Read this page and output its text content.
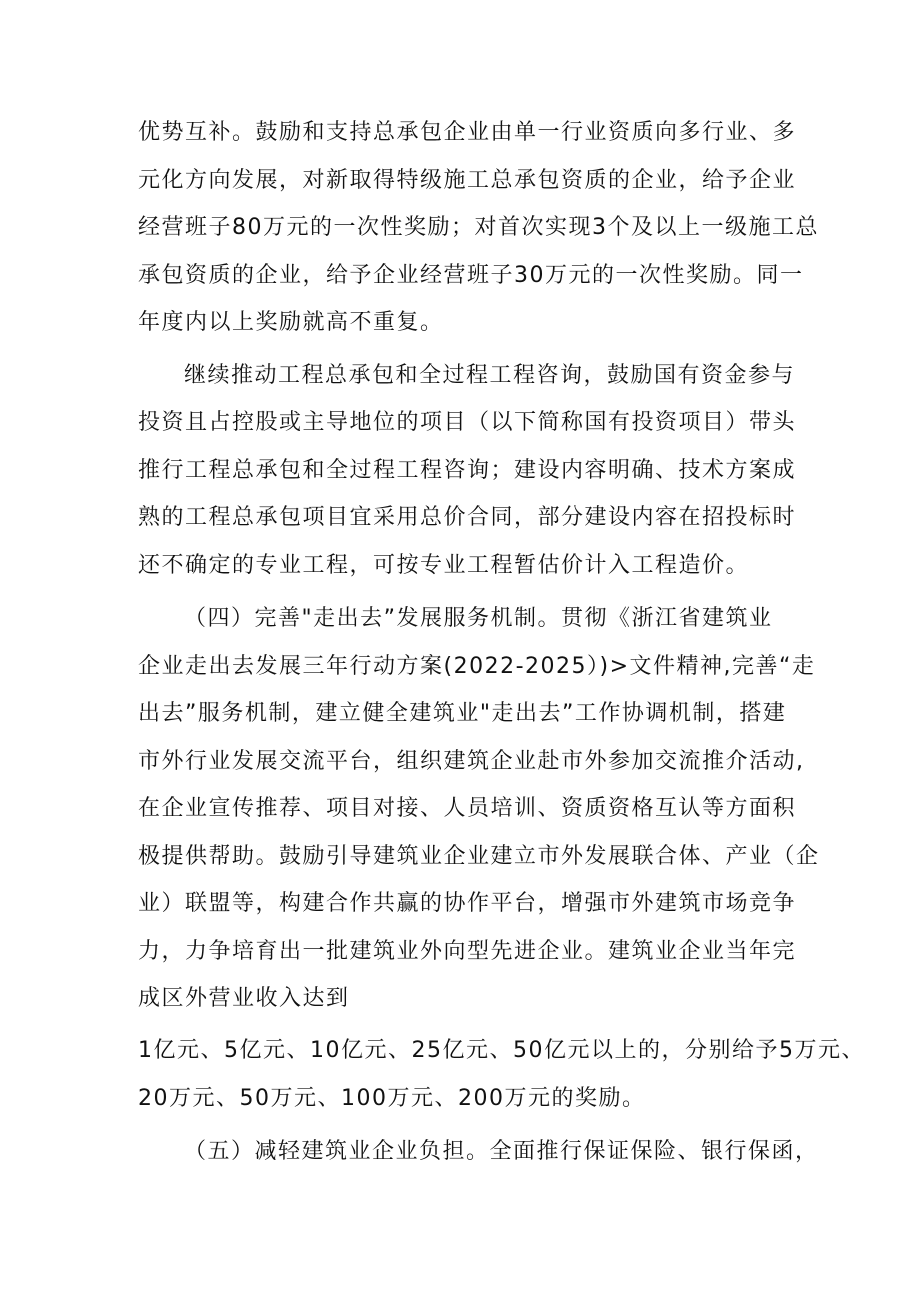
优势互补。鼓励和支持总承包企业由单一行业资质向多行业、多
元化方向发展，对新取得特级施工总承包资质的企业，给予企业
经营班子80万元的一次性奖励；对首次实现3个及以上一级施工总
承包资质的企业，给予企业经营班子30万元的一次性奖励。同一
年度内以上奖励就高不重复。
继续推动工程总承包和全过程工程咨询，鼓励国有资金参与
投资且占控股或主导地位的项目（以下简称国有投资项目）带头
推行工程总承包和全过程工程咨询；建设内容明确、技术方案成
熟的工程总承包项目宜采用总价合同，部分建设内容在招投标时
还不确定的专业工程，可按专业工程暂估价计入工程造价。
（四）完善"走出去”发展服务机制。贯彻《浙江省建筑业
企业走出去发展三年行动方案(2022-2025）)>文件精神,完善“走
出去”服务机制，建立健全建筑业"走出去”工作协调机制，搭建
市外行业发展交流平台，组织建筑企业赴市外参加交流推介活动,
在企业宣传推荐、项目对接、人员培训、资质资格互认等方面积
极提供帮助。鼓励引导建筑业企业建立市外发展联合体、产业（企
业）联盟等，构建合作共赢的协作平台，增强市外建筑市场竞争
力，力争培育出一批建筑业外向型先进企业。建筑业企业当年完
成区外营业收入达到
1亿元、5亿元、10亿元、25亿元、50亿元以上的，分别给予5万元、
20万元、50万元、100万元、200万元的奖励。
（五）减轻建筑业企业负担。全面推行保证保险、银行保函，
